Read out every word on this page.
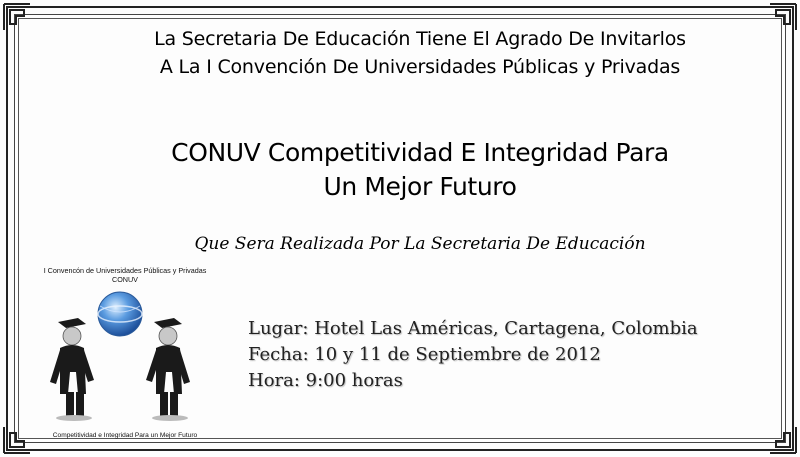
La Secretaria De Educación Tiene El Agrado De Invitarlos
A La I Convención De Universidades Públicas y Privadas
CONUV Competitividad E Integridad Para
Un Mejor Futuro
Que Sera Realizada Por La Secretaria De Educación
I Convencón de Universidades Públicas y Privadas
CONUV
Competitividad e Integridad Para un Mejor Futuro
Lugar: Hotel Las Américas, Cartagena, Colombia
Fecha: 10 y 11 de Septiembre de 2012
Hora: 9:00 horas
